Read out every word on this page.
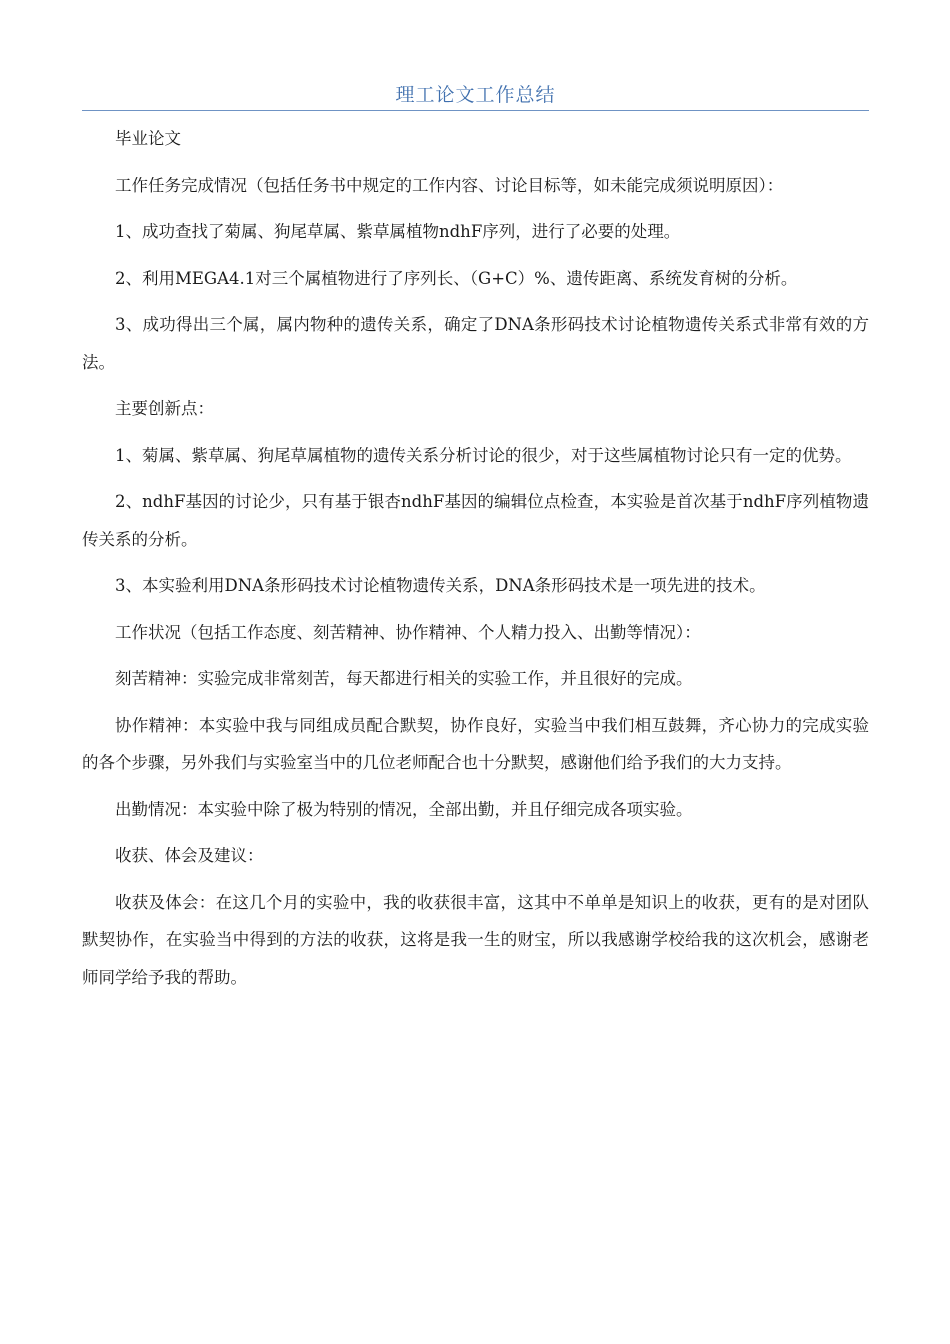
理工论文工作总结

毕业论文

工作任务完成情况（包括任务书中规定的工作内容、讨论目标等，如未能完成须说明原因）：

1、成功查找了菊属、狗尾草属、紫草属植物ndhF序列，进行了必要的处理。

2、利用MEGA4.1对三个属植物进行了序列长、（G+C）%、遗传距离、系统发育树的分析。

3、成功得出三个属，属内物种的遗传关系，确定了DNA条形码技术讨论植物遗传关系式非常有效的方法。

主要创新点：

1、菊属、紫草属、狗尾草属植物的遗传关系分析讨论的很少，对于这些属植物讨论只有一定的优势。

2、ndhF基因的讨论少，只有基于银杏ndhF基因的编辑位点检查，本实验是首次基于ndhF序列植物遗传关系的分析。

3、本实验利用DNA条形码技术讨论植物遗传关系，DNA条形码技术是一项先进的技术。

工作状况（包括工作态度、刻苦精神、协作精神、个人精力投入、出勤等情况）：

刻苦精神：实验完成非常刻苦，每天都进行相关的实验工作，并且很好的完成。

协作精神：本实验中我与同组成员配合默契，协作良好，实验当中我们相互鼓舞，齐心协力的完成实验的各个步骤，另外我们与实验室当中的几位老师配合也十分默契，感谢他们给予我们的大力支持。

出勤情况：本实验中除了极为特别的情况，全部出勤，并且仔细完成各项实验。

收获、体会及建议：

收获及体会：在这几个月的实验中，我的收获很丰富，这其中不单单是知识上的收获，更有的是对团队默契协作，在实验当中得到的方法的收获，这将是我一生的财宝，所以我感谢学校给我的这次机会，感谢老师同学给予我的帮助。
